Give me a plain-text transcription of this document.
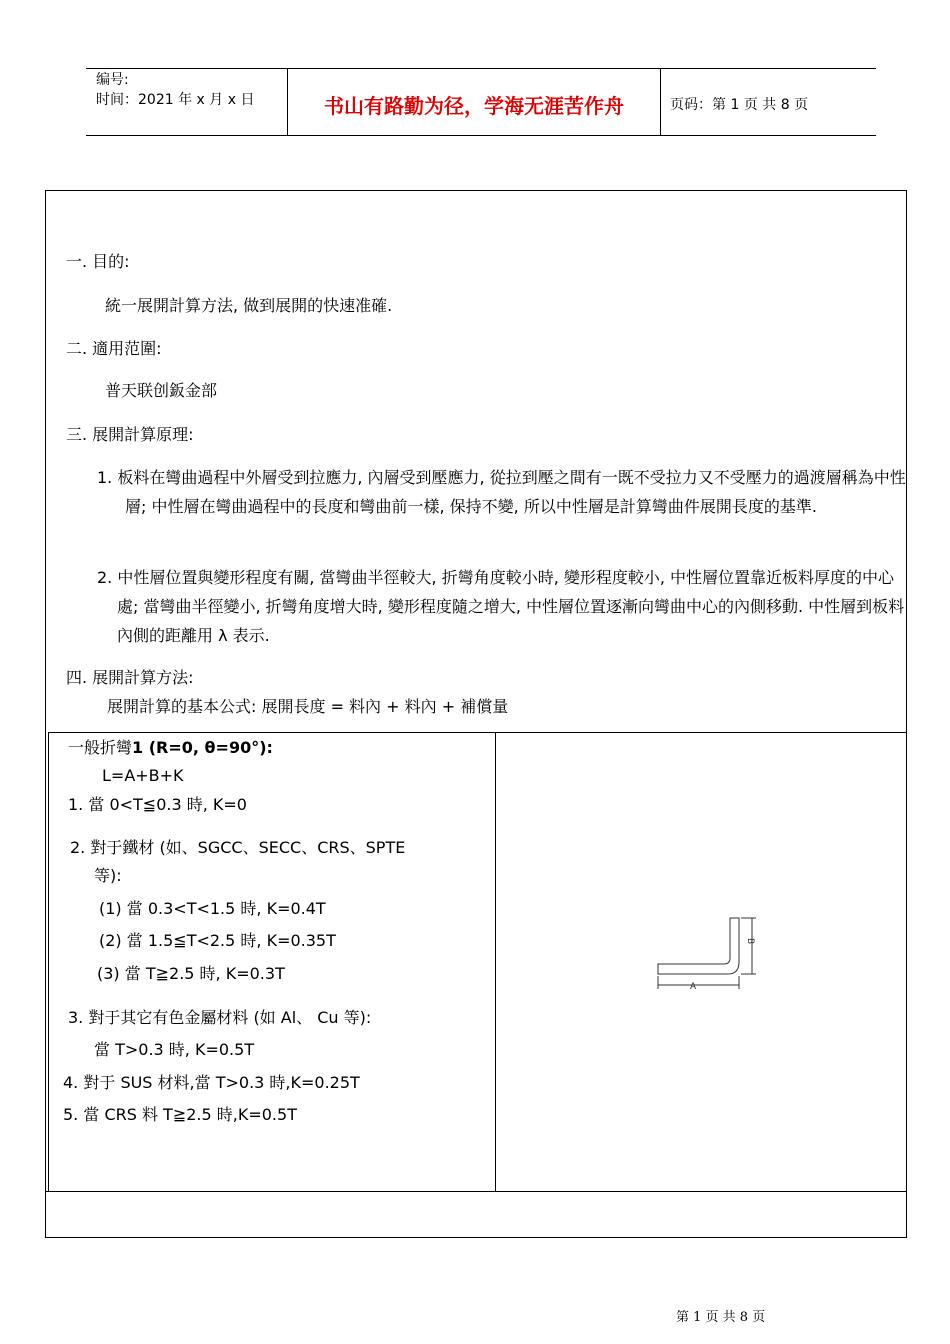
编号:
时间：2021 年 x 月 x 日	书山有路勤为径，学海无涯苦作舟	页码：第 1 页 共 8 页
一. 目的:
統一展開計算方法, 做到展開的快速准確.
二. 適用范圍:
普天联创鈑金部
三. 展開計算原理:
1. 板料在彎曲過程中外層受到拉應力, 內層受到壓應力, 從拉到壓之間有一既不受拉力又不受壓力的過渡層稱為中性層; 中性層在彎曲過程中的長度和彎曲前一樣, 保持不變, 所以中性層是計算彎曲件展開長度的基準.
2. 中性層位置與變形程度有關, 當彎曲半徑較大, 折彎角度較小時, 變形程度較小, 中性層位置靠近板料厚度的中心處; 當彎曲半徑變小, 折彎角度增大時, 變形程度隨之增大, 中性層位置逐漸向彎曲中心的內側移動. 中性層到板料內側的距離用 λ 表示.
四. 展開計算方法:
展開計算的基本公式: 展開長度 = 料內 + 料內 + 補償量
一般折彎1 (R=0, θ=90°):
L=A+B+K
1. 當 0<T≦0.3 時, K=0
2. 對于鐵材 (如、SGCC、SECC、CRS、SPTE
等):
(1) 當 0.3<T<1.5 時, K=0.4T
(2) 當 1.5≦T<2.5 時, K=0.35T
(3) 當 T≧2.5 時, K=0.3T
3. 對于其它有色金屬材料 (如 Al、 Cu 等):
當 T>0.3 時, K=0.5T
4. 對于 SUS 材料,當 T>0.3 時,K=0.25T
5. 當 CRS 料 T≧2.5 時,K=0.5T
A
B
第 1 页 共 8 页
